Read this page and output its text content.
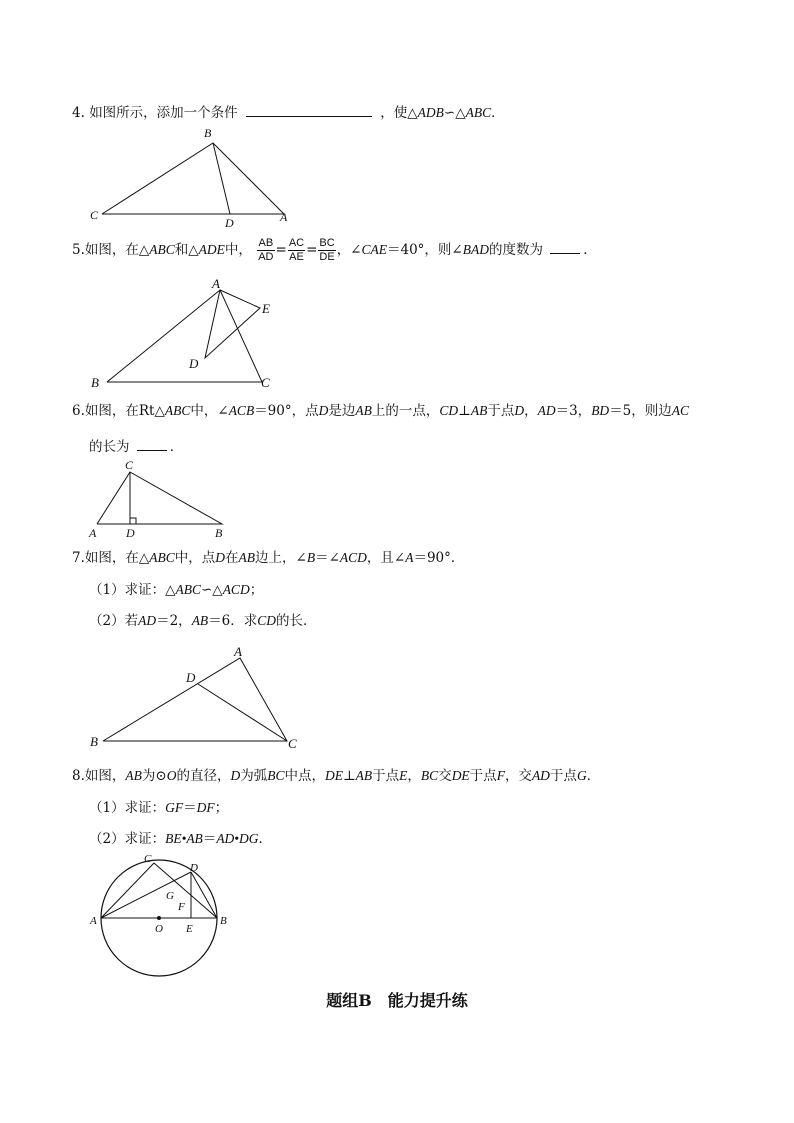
4. 如图所示，添加一个条件	，使△ADB∽△ABC．
B
C
D	A
5.如图，在△ABC和△ADE中， $\frac{AB}{AD} = \frac{AC}{AE} = \frac{BC}{DE}$ ，∠CAE＝40°，则∠BAD的度数为	．
A
E
D
B	C
6.如图，在Rt△ABC中，∠ACB＝90°，点D是边AB上的一点，CD⊥AB于点D，AD＝3，BD＝5，则边AC
的长为	．
C
A D	B
7.如图，在△ABC中，点D在AB边上，∠B＝∠ACD，且∠A＝90°．
（1）求证：△ABC∽△ACD；
（2）若AD＝2，AB＝6．求CD的长．
A
D
B	C
8.如图，AB为⊙O的直径，D为弧BC中点，DE⊥AB于点E，BC交DE于点F，交AD于点G．
（1）求证：GF＝DF；
（2）求证：BE•AB＝AD•DG．
C
D
G
F
A
O E
B
题组B　能力提升练
